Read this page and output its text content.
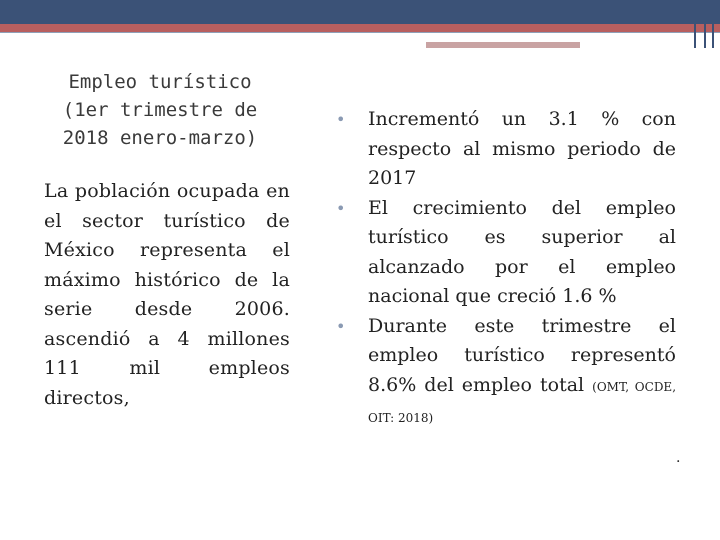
Empleo turístico (1er trimestre de 2018 enero-marzo)
La población ocupada en el sector turístico de México representa el máximo histórico de la serie desde 2006. ascendió a 4 millones 111 mil empleos directos,
•	Incrementó un 3.1 % con respecto al mismo periodo de 2017
•	El crecimiento del empleo turístico es superior al alcanzado por el empleo nacional que creció 1.6 %
•	Durante este trimestre el empleo turístico representó 8.6% del empleo total (OMT, OCDE, OIT: 2018)
.
